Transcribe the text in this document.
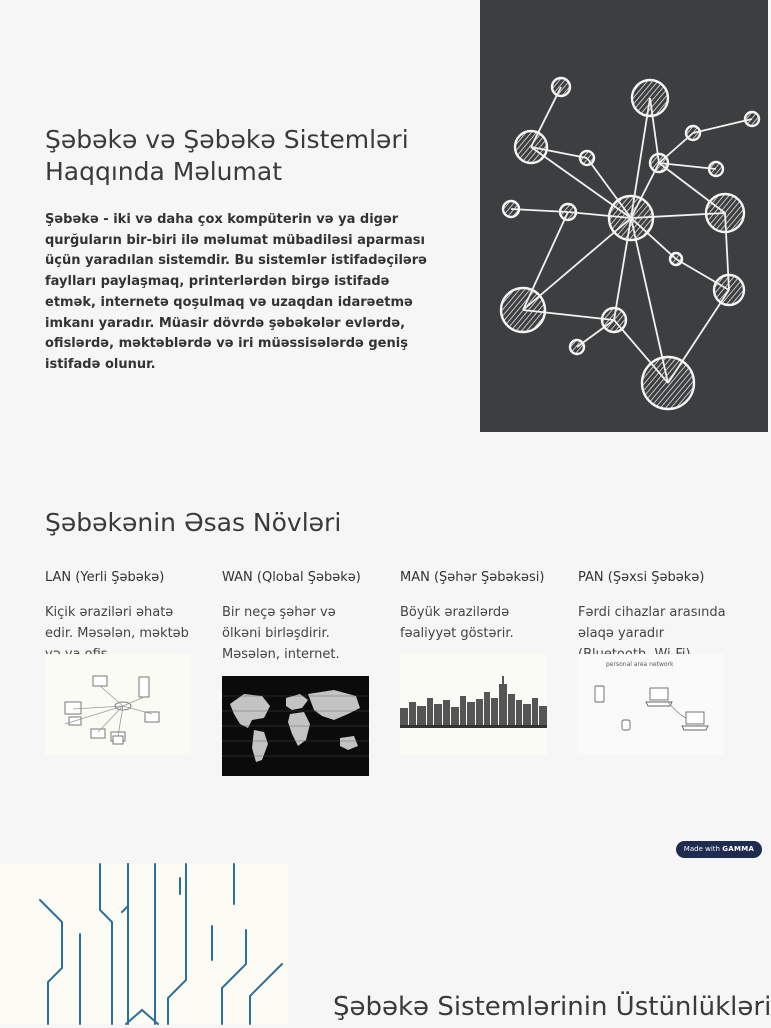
Şəbəkə və Şəbəkə Sistemləri Haqqında Məlumat

Şəbəkə - iki və daha çox kompüterin və ya digər qurğuların bir-biri ilə məlumat mübadiləsi aparması üçün yaradılan sistemdir. Bu sistemlər istifadəçilərə faylları paylaşmaq, printerlərdən birgə istifadə etmək, internetə qoşulmaq və uzaqdan idarəetmə imkanı yaradır. Müasir dövrdə şəbəkələr evlərdə, ofislərdə, məktəblərdə və iri müəssisələrdə geniş istifadə olunur.

Şəbəkənin Əsas Növləri
LAN (Yerli Şəbəkə)

Kiçik əraziləri əhatə edir. Məsələn, məktəb

WAN (Qlobal Şəbəkə)

Bir neçə şəhər və ölkəni birləşdirir. Məsələn, internet.

MAN (Şəhər Şəbəkəsi)

Böyük ərazilərdə fəaliyyət göstərir.

PAN (Şəxsi Şəbəkə)

Fərdi cihazlar arasında əlaqə yaradır

personal area network
Made with GAMMA
Şəbəkə Sistemlərinin Üstünlükləri
